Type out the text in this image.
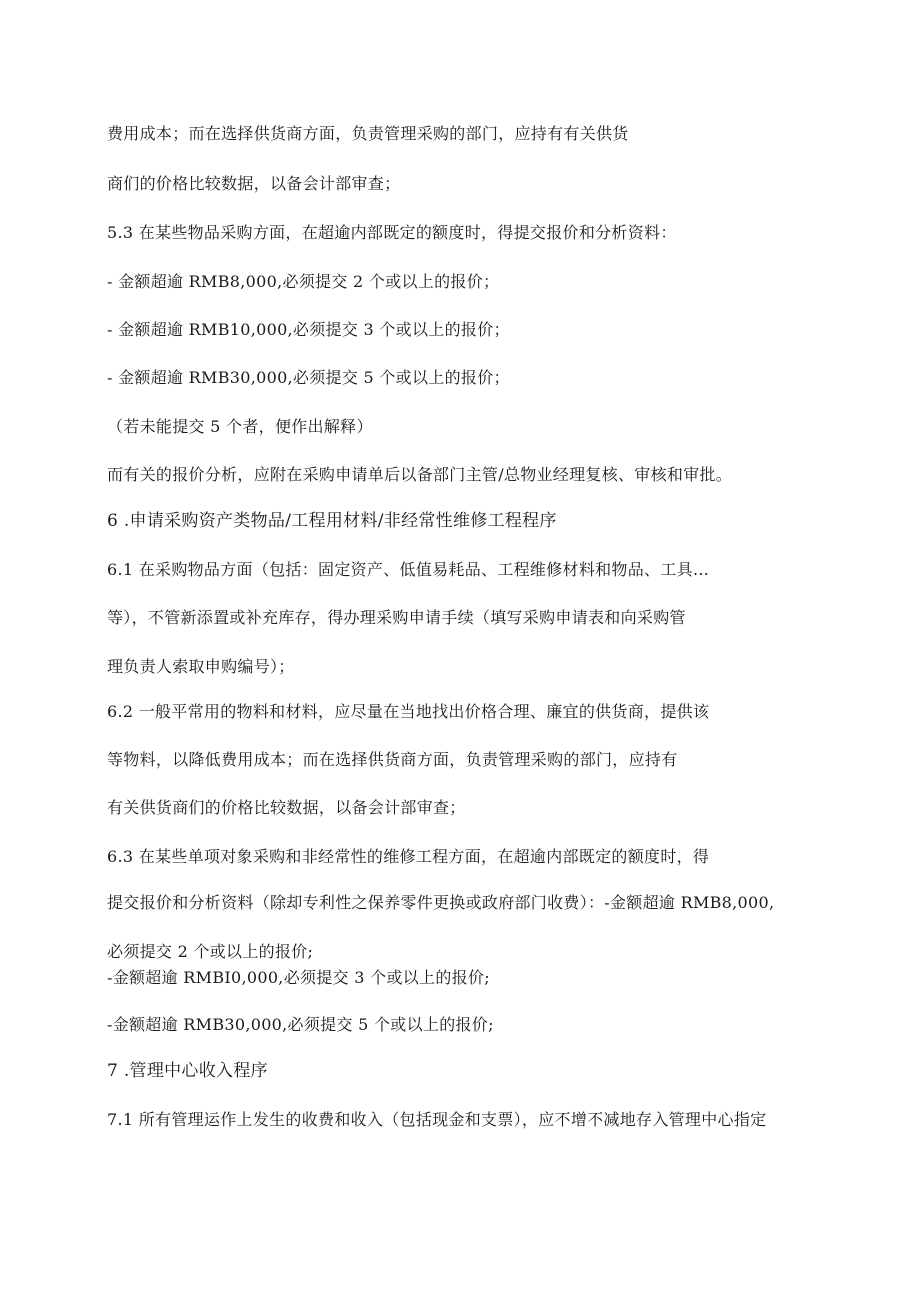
费用成本；而在选择供货商方面，负责管理采购的部门，应持有有关供货
商们的价格比较数据，以备会计部审查；
5.3 在某些物品采购方面，在超逾内部既定的额度时，得提交报价和分析资料：
- 金额超逾 RMB8,000,必须提交 2 个或以上的报价；
- 金额超逾 RMB10,000,必须提交 3 个或以上的报价；
- 金额超逾 RMB30,000,必须提交 5 个或以上的报价；
（若未能提交 5 个者，便作出解释）
而有关的报价分析，应附在采购申请单后以备部门主管/总物业经理复核、审核和审批。
6 .申请采购资产类物品/工程用材料/非经常性维修工程程序
6.1 在采购物品方面（包括：固定资产、低值易耗品、工程维修材料和物品、工具…
等），不管新添置或补充库存，得办理采购申请手续（填写采购申请表和向采购管
理负责人索取申购编号）；
6.2 一般平常用的物料和材料，应尽量在当地找出价格合理、廉宜的供货商，提供该
等物料，以降低费用成本；而在选择供货商方面，负责管理采购的部门，应持有
有关供货商们的价格比较数据，以备会计部审查；
6.3 在某些单项对象采购和非经常性的维修工程方面，在超逾内部既定的额度时，得
提交报价和分析资料（除却专利性之保养零件更换或政府部门收费）：-金额超逾 RMB8,000,
必须提交 2 个或以上的报价;
-金额超逾 RMBI0,000,必须提交 3 个或以上的报价;
-金额超逾 RMB30,000,必须提交 5 个或以上的报价;
7 .管理中心收入程序
7.1 所有管理运作上发生的收费和收入（包括现金和支票），应不增不减地存入管理中心指定
